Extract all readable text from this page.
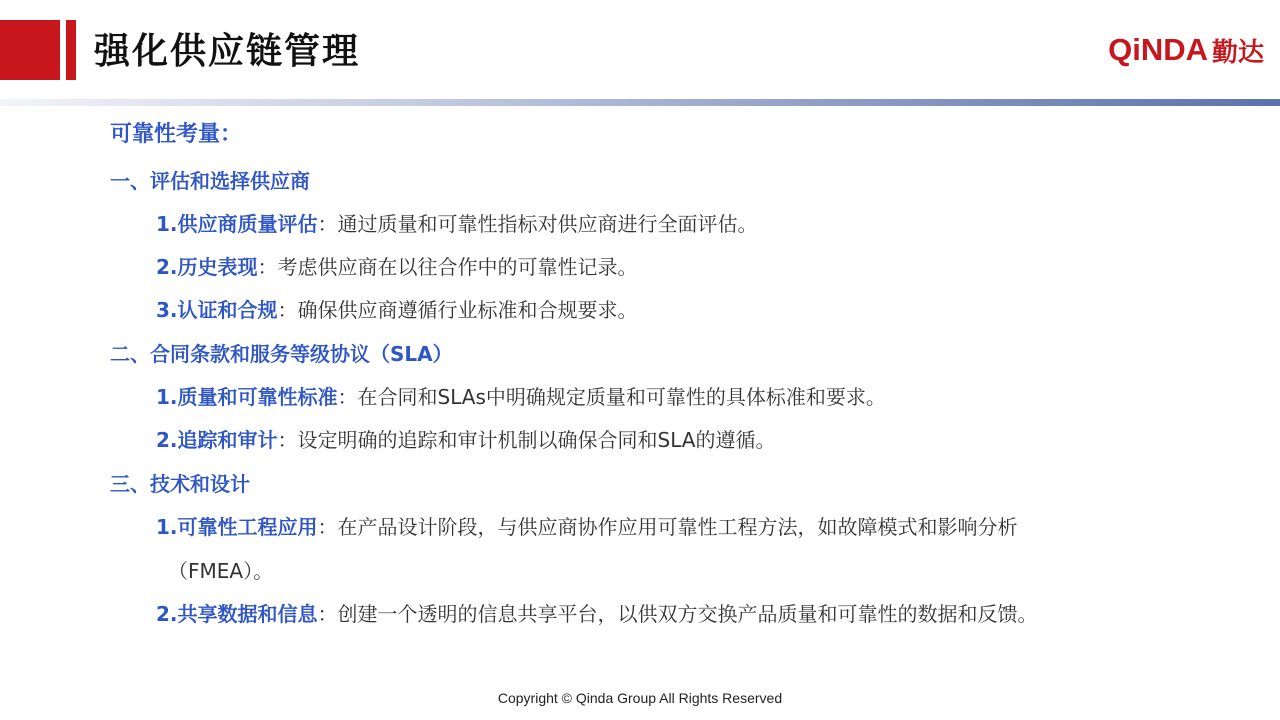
强化供应链管理	QiNDA 勤达
可靠性考量：
一、评估和选择供应商
1.供应商质量评估：通过质量和可靠性指标对供应商进行全面评估。
2.历史表现：考虑供应商在以往合作中的可靠性记录。
3.认证和合规：确保供应商遵循行业标准和合规要求。
二、合同条款和服务等级协议（SLA）
1.质量和可靠性标准：在合同和SLAs中明确规定质量和可靠性的具体标准和要求。
2.追踪和审计：设定明确的追踪和审计机制以确保合同和SLA的遵循。
三、技术和设计
1.可靠性工程应用：在产品设计阶段，与供应商协作应用可靠性工程方法，如故障模式和影响分析
（FMEA）。
2.共享数据和信息：创建一个透明的信息共享平台，以供双方交换产品质量和可靠性的数据和反馈。
Copyright © Qinda Group All Rights Reserved
